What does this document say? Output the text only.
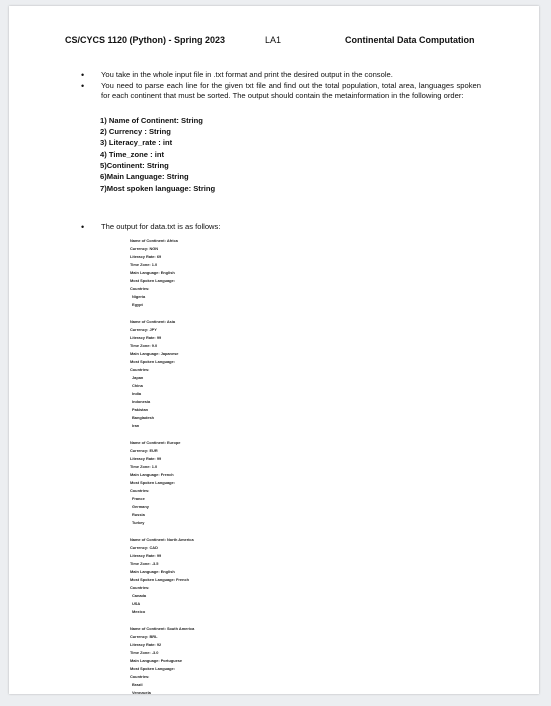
CS/CYCS 1120 (Python) - Spring 2023	LA1	Continental Data Computation
• You take in the whole input file in .txt format and print the desired output in the console.
• You need to parse each line for the given txt file and find out the total population, total area, languages spoken for each continent that must be sorted. The output should contain the metainformation in the following order:
1) Name of Continent: String
2) Currency : String
3) Literacy_rate : int
4) Time_zone : int
5)Continent: String
6)Main Language: String
7)Most spoken language: String
• The output for data.txt is as follows:
Name of Continent: Africa
Currency: NGN
Literacy Rate: 69
Time Zone: 1.0
Main Language: English
Most Spoken Language:
Countries:
Nigeria
Egypt
Name of Continent: Asia
Currency: JPY
Literacy Rate: 99
Time Zone: 9.0
Main Language: Japanese
Most Spoken Language:
Countries:
Japan
China
India
Indonesia
Pakistan
Bangladesh
Iran
Name of Continent: Europe
Currency: EUR
Literacy Rate: 99
Time Zone: 1.0
Main Language: French
Most Spoken Language:
Countries:
France
Germany
Russia
Turkey
Name of Continent: North America
Currency: CAD
Literacy Rate: 99
Time Zone: -3.5
Main Language: English
Most Spoken Language: French
Countries:
Canada
USA
Mexico
Name of Continent: South America
Currency: BRL
Literacy Rate: 92
Time Zone: -3.0
Main Language: Portuguese
Most Spoken Language:
Countries:
Brazil
Venezuela
